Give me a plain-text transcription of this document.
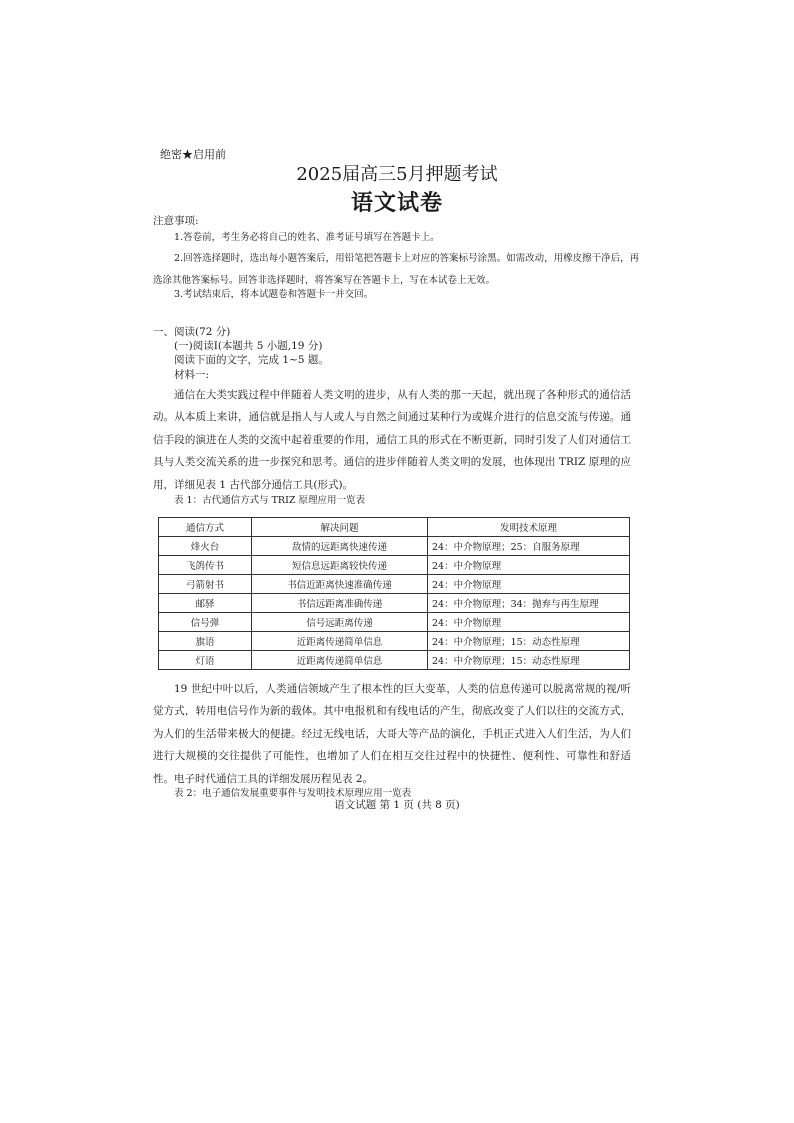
绝密★启用前
2025届高三5月押题考试
语文试卷
注意事项:
1.答卷前，考生务必将自己的姓名、准考证号填写在答题卡上。
2.回答选择题时，选出每小题答案后，用铅笔把答题卡上对应的答案标号涂黑。如需改动，用橡皮擦干净后，再
选涂其他答案标号。回答非选择题时，将答案写在答题卡上，写在本试卷上无效。
3.考试结束后，将本试题卷和答题卡一并交回。
一、阅读(72 分)
(一)阅读Ⅰ(本题共 5 小题,19 分)
阅读下面的文字，完成 1~5 题。
材料一:

通信在大类实践过程中伴随着人类文明的进步，从有人类的那一天起，就出现了各种形式的通信活动。从本质上来讲，通信就是指人与人或人与自然之间通过某种行为或媒介进行的信息交流与传递。通信手段的演进在人类的交流中起着重要的作用，通信工具的形式在不断更新，同时引发了人们对通信工具与人类交流关系的进一步探究和思考。通信的进步伴随着人类文明的发展，也体现出 TRIZ 原理的应用，详细见表 1 古代部分通信工具(形式)。

表 1：古代通信方式与 TRIZ 原理应用一览表
通信方式	解决问题	发明技术原理
烽火台	敌情的远距离快速传递	24：中介物原理；25：自服务原理
飞鸽传书	短信息远距离较快传递	24：中介物原理
弓箭射书	书信近距离快速准确传递	24：中介物原理
邮驿	书信远距离准确传递	24：中介物原理；34：抛弃与再生原理
信号弹	信号远距离传递	24：中介物原理
旗语	近距离传递简单信息	24：中介物原理；15：动态性原理
灯语	近距离传递简单信息	24：中介物原理；15：动态性原理

19 世纪中叶以后，人类通信领域产生了根本性的巨大变革，人类的信息传递可以脱离常规的视/听觉方式，转用电信号作为新的载体。其中电报机和有线电话的产生，彻底改变了人们以往的交流方式，为人们的生活带来极大的便捷。经过无线电话，大哥大等产品的演化，手机正式进入人们生活，为人们进行大规模的交往提供了可能性，也增加了人们在相互交往过程中的快捷性、便利性、可靠性和舒适性。电子时代通信工具的详细发展历程见表 2。

表 2：电子通信发展重要事件与发明技术原理应用一览表
语文试题 第 1 页 (共 8 页)
